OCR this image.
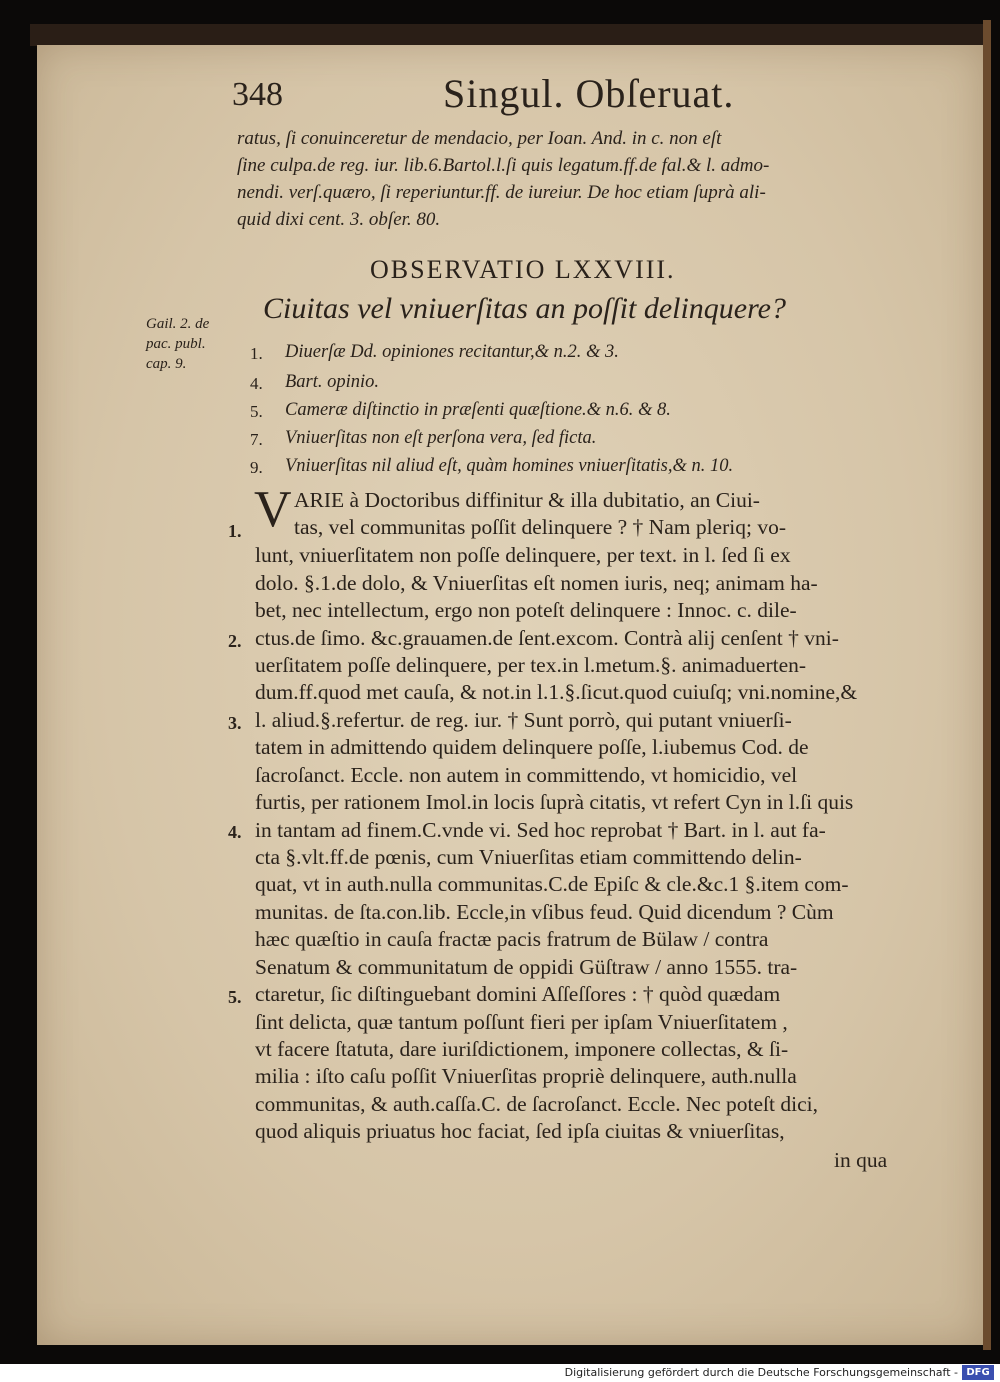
348	Singul. Obſeruat.
ratus, ſi conuinceretur de mendacio, per Ioan. And. in c. non eſt
ſine culpa.de reg. iur. lib.6.Bartol.l.ſi quis legatum.ff.de fal.& l. admo-
nendi. verſ.quæro, ſi reperiuntur.ff. de iureiur. De hoc etiam ſuprà ali-
quid dixi cent. 3. obſer. 80.
OBSERVATIO LXXVIII.
Ciuitas vel vniuerſitas an poſſit delinquere?
Gail. 2. de
pac. publ.
cap. 9.
1. Diuerſæ Dd. opiniones recitantur,& n.2. & 3.
4. Bart. opinio.
5. Cameræ diſtinctio in præſenti quæſtione.& n.6. & 8.
7. Vniuerſitas non eſt perſona vera, ſed ficta.
9. Vniuerſitas nil aliud eſt, quàm homines vniuerſitatis,& n. 10.
V ARIE à Doctoribus diffinitur & illa dubitatio, an Ciui-
tas, vel communitas poſſit delinquere ? † Nam pleriq; vo-
lunt, vniuerſitatem non poſſe delinquere, per text. in l. ſed ſi ex
dolo. §.1.de dolo, & Vniuerſitas eſt nomen iuris, neq; animam ha-
bet, nec intellectum, ergo non poteſt delinquere : Innoc. c. dile-
ctus.de ſimo. &c.grauamen.de ſent.excom. Contrà alij cenſent † vni-
uerſitatem poſſe delinquere, per tex.in l.metum.§. animaduerten-
dum.ff.quod met cauſa, & not.in l.1.§.ſicut.quod cuiuſq; vni.nomine,&
l. aliud.§.refertur. de reg. iur. † Sunt porrò, qui putant vniuerſi-
tatem in admittendo quidem delinquere poſſe, l.iubemus Cod. de
ſacroſanct. Eccle. non autem in committendo, vt homicidio, vel
furtis, per rationem Imol.in locis ſuprà citatis, vt refert Cyn in l.ſi quis
in tantam ad finem.C.vnde vi. Sed hoc reprobat † Bart. in l. aut fa-
cta §.vlt.ff.de pœnis, cum Vniuerſitas etiam committendo delin-
quat, vt in auth.nulla communitas.C.de Epiſc & cle.&c.1 §.item com-
munitas. de ſta.con.lib. Eccle,in vſibus feud. Quid dicendum ? Cùm
hæc quæſtio in cauſa fractæ pacis fratrum de Bülaw / contra
Senatum & communitatum de oppidi Güſtraw / anno 1555. tra-
ctaretur, ſic diſtinguebant domini Aſſeſſores : † quòd quædam
ſint delicta, quæ tantum poſſunt fieri per ipſam Vniuerſitatem ,
vt facere ſtatuta, dare iuriſdictionem, imponere collectas, & ſi-
milia : iſto caſu poſſit Vniuerſitas propriè delinquere, auth.nulla
communitas, & auth.caſſa.C. de ſacroſanct. Eccle. Nec poteſt dici,
quod aliquis priuatus hoc faciat, ſed ipſa ciuitas & vniuerſitas,
in qua
1.
2.
3.
4.
5.
Digitalisierung gefördert durch die Deutsche Forschungsgemeinschaft - DFG
